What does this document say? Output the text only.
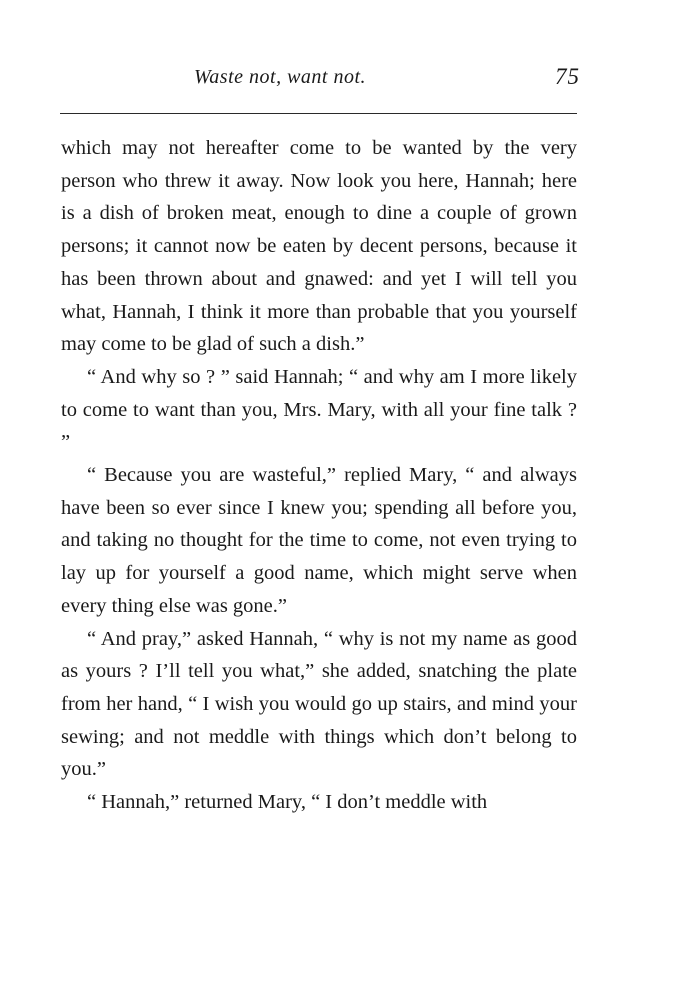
Waste not, want not.	75

which may not hereafter come to be wanted by the very person who threw it away. Now look you here, Hannah; here is a dish of broken meat, enough to dine a couple of grown persons; it cannot now be eaten by decent persons, because it has been thrown about and gnawed: and yet I will tell you what, Hannah, I think it more than probable that you yourself may come to be glad of such a dish.”

“ And why so ? ” said Hannah; “ and why am I more likely to come to want than you, Mrs. Mary, with all your fine talk ? ”

“ Because you are wasteful,” replied Mary, “ and always have been so ever since I knew you; spending all before you, and taking no thought for the time to come, not even trying to lay up for yourself a good name, which might serve when every thing else was gone.”

“ And pray,” asked Hannah, “ why is not my name as good as yours ? I’ll tell you what,” she added, snatching the plate from her hand, “ I wish you would go up stairs, and mind your sewing; and not meddle with things which don’t belong to you.”

“ Hannah,” returned Mary, “ I don’t meddle with
